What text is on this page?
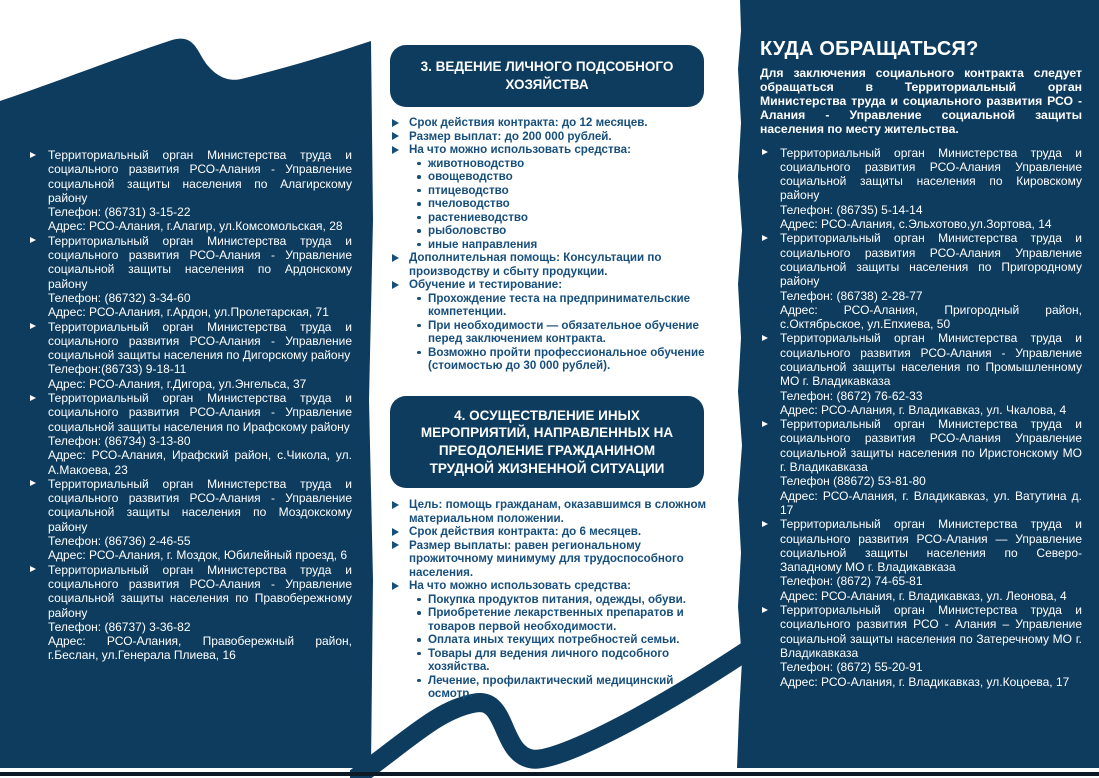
Территориальный орган Министерства труда и социального развития РСО-Алания - Управление социальной защиты населения по Алагирскому району
Телефон: (86731) 3-15-22
Адрес: РСО-Алания, г.Алагир, ул.Комсомольская, 28
Территориальный орган Министерства труда и социального развития РСО-Алания - Управление социальной защиты населения по Ардонскому району
Телефон: (86732) 3-34-60
Адрес: РСО-Алания, г.Ардон, ул.Пролетарская, 71
Территориальный орган Министерства труда и социального развития РСО-Алания - Управление социальной защиты населения по Дигорскому району
Телефон:(86733) 9-18-11
Адрес: РСО-Алания, г.Дигора, ул.Энгельса, 37
Территориальный орган Министерства труда и социального развития РСО-Алания - Управление социальной защиты населения по Ирафскому району
Телефон: (86734) 3-13-80
Адрес: РСО-Алания, Ирафский район, с.Чикола, ул. А.Макоева, 23
Территориальный орган Министерства труда и социального развития РСО-Алания - Управление социальной защиты населения по Моздокскому району
Телефон: (86736) 2-46-55
Адрес: РСО-Алания, г. Моздок, Юбилейный проезд, 6
Территориальный орган Министерства труда и социального развития РСО-Алания - Управление социальной защиты населения по Правобережному району
Телефон: (86737) 3-36-82
Адрес: РСО-Алания, Правобережный район, г.Беслан, ул.Генерала Плиева, 16
3. ВЕДЕНИЕ ЛИЧНОГО ПОДСОБНОГО ХОЗЯЙСТВА
Срок действия контракта: до 12 месяцев.
Размер выплат: до 200 000 рублей.
На что можно использовать средства:
животноводство
овощеводство
птицеводство
пчеловодство
растениеводство
рыболовство
иные направления
Дополнительная помощь: Консультации по производству и сбыту продукции.
Обучение и тестирование:
Прохождение теста на предпринимательские компетенции.
При необходимости — обязательное обучение перед заключением контракта.
Возможно пройти профессиональное обучение (стоимостью до 30 000 рублей).
4. ОСУЩЕСТВЛЕНИЕ ИНЫХ МЕРОПРИЯТИЙ, НАПРАВЛЕННЫХ НА ПРЕОДОЛЕНИЕ ГРАЖДАНИНОМ ТРУДНОЙ ЖИЗНЕННОЙ СИТУАЦИИ
Цель: помощь гражданам, оказавшимся в сложном материальном положении.
Срок действия контракта: до 6 месяцев.
Размер выплаты: равен региональному прожиточному минимуму для трудоспособного населения.
На что можно использовать средства:
Покупка продуктов питания, одежды, обуви.
Приобретение лекарственных препаратов и товаров первой необходимости.
Оплата иных текущих потребностей семьи.
Товары для ведения личного подсобного хозяйства.
Лечение, профилактический медицинский осмотр.
КУДА ОБРАЩАТЬСЯ?
Для заключения социального контракта следует обращаться в Территориальный орган Министерства труда и социального развития РСО - Алания - Управление социальной защиты населения по месту жительства.
Территориальный орган Министерства труда и социального развития РСО-Алания Управление социальной защиты населения по Кировскому району
Телефон: (86735) 5-14-14
Адрес: РСО-Алания, с.Эльхотово,ул.Зортова, 14
Территориальный орган Министерства труда и социального развития РСО-Алания Управление социальной защиты населения по Пригородному району
Телефон: (86738) 2-28-77
Адрес: РСО-Алания, Пригородный район, с.Октябрьское, ул.Епхиева, 50
Территориальный орган Министерства труда и социального развития РСО-Алания - Управление социальной защиты населения по Промышленному МО г. Владикавказа
Телефон: (8672) 76-62-33
Адрес: РСО-Алания, г. Владикавказ, ул. Чкалова, 4
Территориальный орган Министерства труда и социального развития РСО-Алания Управление социальной защиты населения по Иристонскому МО г. Владикавказа
Телефон (88672) 53-81-80
Адрес: РСО-Алания, г. Владикавказ, ул. Ватутина д. 17
Территориальный орган Министерства труда и социального развития РСО-Алания — Управление социальной защиты населения по Северо-Западному МО г. Владикавказа
Телефон: (8672) 74-65-81
Адрес: РСО-Алания, г. Владикавказ, ул. Леонова, 4
Территориальный орган Министерства труда и социального развития РСО - Алания – Управление социальной защиты населения по Затеречному МО г. Владикавказа
Телефон: (8672) 55-20-91
Адрес: РСО-Алания, г. Владикавказ, ул.Коцоева, 17
